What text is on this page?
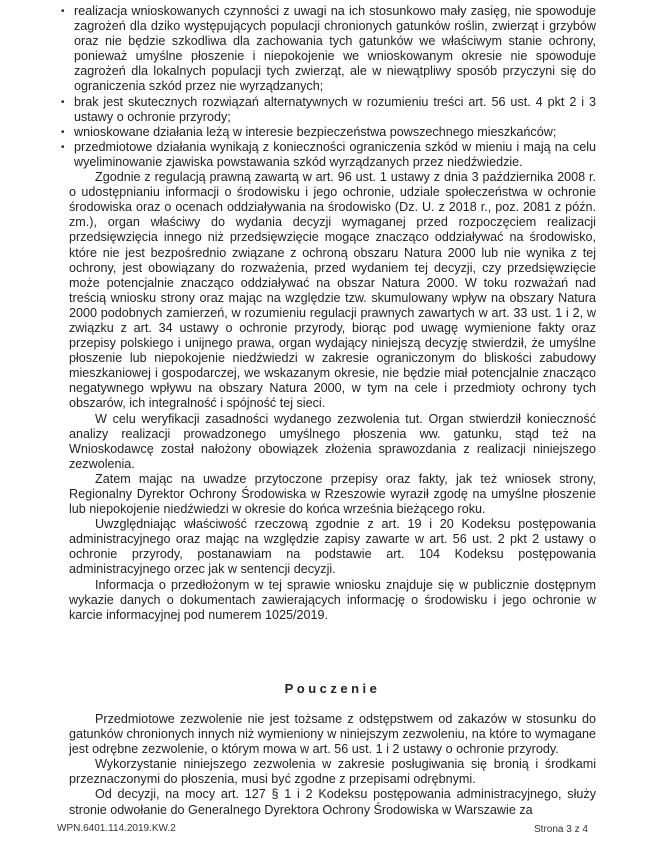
• realizacja wnioskowanych czynności z uwagi na ich stosunkowo mały zasięg, nie spowoduje zagrożeń dla dziko występujących populacji chronionych gatunków roślin, zwierząt i grzybów oraz nie będzie szkodliwa dla zachowania tych gatunków we właściwym stanie ochrony, ponieważ umyślne płoszenie i niepokojenie we wnioskowanym okresie nie spowoduje zagrożeń dla lokalnych populacji tych zwierząt, ale w niewątpliwy sposób przyczyni się do ograniczenia szkód przez nie wyrządzanych;
• brak jest skutecznych rozwiązań alternatywnych w rozumieniu treści art. 56 ust. 4 pkt 2 i 3 ustawy o ochronie przyrody;
• wnioskowane działania leżą w interesie bezpieczeństwa powszechnego mieszkańców;
• przedmiotowe działania wynikają z konieczności ograniczenia szkód w mieniu i mają na celu wyeliminowanie zjawiska powstawania szkód wyrządzanych przez niedźwiedzie.

Zgodnie z regulacją prawną zawartą w art. 96 ust. 1 ustawy z dnia 3 października 2008 r. o udostępnianiu informacji o środowisku i jego ochronie, udziale społeczeństwa w ochronie środowiska oraz o ocenach oddziaływania na środowisko (Dz. U. z 2018 r., poz. 2081 z późn. zm.), organ właściwy do wydania decyzji wymaganej przed rozpoczęciem realizacji przedsięwzięcia innego niż przedsięwzięcie mogące znacząco oddziaływać na środowisko, które nie jest bezpośrednio związane z ochroną obszaru Natura 2000 lub nie wynika z tej ochrony, jest obowiązany do rozważenia, przed wydaniem tej decyzji, czy przedsięwzięcie może potencjalnie znacząco oddziaływać na obszar Natura 2000. W toku rozważań nad treścią wniosku strony oraz mając na względzie tzw. skumulowany wpływ na obszary Natura 2000 podobnych zamierzeń, w rozumieniu regulacji prawnych zawartych w art. 33 ust. 1 i 2, w związku z art. 34 ustawy o ochronie przyrody, biorąc pod uwagę wymienione fakty oraz przepisy polskiego i unijnego prawa, organ wydający niniejszą decyzję stwierdził, że umyślne płoszenie lub niepokojenie niedźwiedzi w zakresie ograniczonym do bliskości zabudowy mieszkaniowej i gospodarczej, we wskazanym okresie, nie będzie miał potencjalnie znacząco negatywnego wpływu na obszary Natura 2000, w tym na cele i przedmioty ochrony tych obszarów, ich integralność i spójność tej sieci.

W celu weryfikacji zasadności wydanego zezwolenia tut. Organ stwierdził konieczność analizy realizacji prowadzonego umyślnego płoszenia ww. gatunku, stąd też na Wnioskodawcę został nałożony obowiązek złożenia sprawozdania z realizacji niniejszego zezwolenia.

Zatem mając na uwadze przytoczone przepisy oraz fakty, jak też wniosek strony, Regionalny Dyrektor Ochrony Środowiska w Rzeszowie wyraził zgodę na umyślne płoszenie lub niepokojenie niedźwiedzi w okresie do końca września bieżącego roku.

Uwzględniając właściwość rzeczową zgodnie z art. 19 i 20 Kodeksu postępowania administracyjnego oraz mając na względzie zapisy zawarte w art. 56 ust. 2 pkt 2 ustawy o ochronie przyrody, postanawiam na podstawie art. 104 Kodeksu postępowania administracyjnego orzec jak w sentencji decyzji.

Informacja o przedłożonym w tej sprawie wniosku znajduje się w publicznie dostępnym wykazie danych o dokumentach zawierających informację o środowisku i jego ochronie w karcie informacyjnej pod numerem 1025/2019.

Pouczenie

Przedmiotowe zezwolenie nie jest tożsame z odstępstwem od zakazów w stosunku do gatunków chronionych innych niż wymieniony w niniejszym zezwoleniu, na które to wymagane jest odrębne zezwolenie, o którym mowa w art. 56 ust. 1 i 2 ustawy o ochronie przyrody.

Wykorzystanie niniejszego zezwolenia w zakresie posługiwania się bronią i środkami przeznaczonymi do płoszenia, musi być zgodne z przepisami odrębnymi.

Od decyzji, na mocy art. 127 § 1 i 2 Kodeksu postępowania administracyjnego, służy stronie odwołanie do Generalnego Dyrektora Ochrony Środowiska w Warszawie za

WPN.6401.114.2019.KW.2	Strona 3 z 4
